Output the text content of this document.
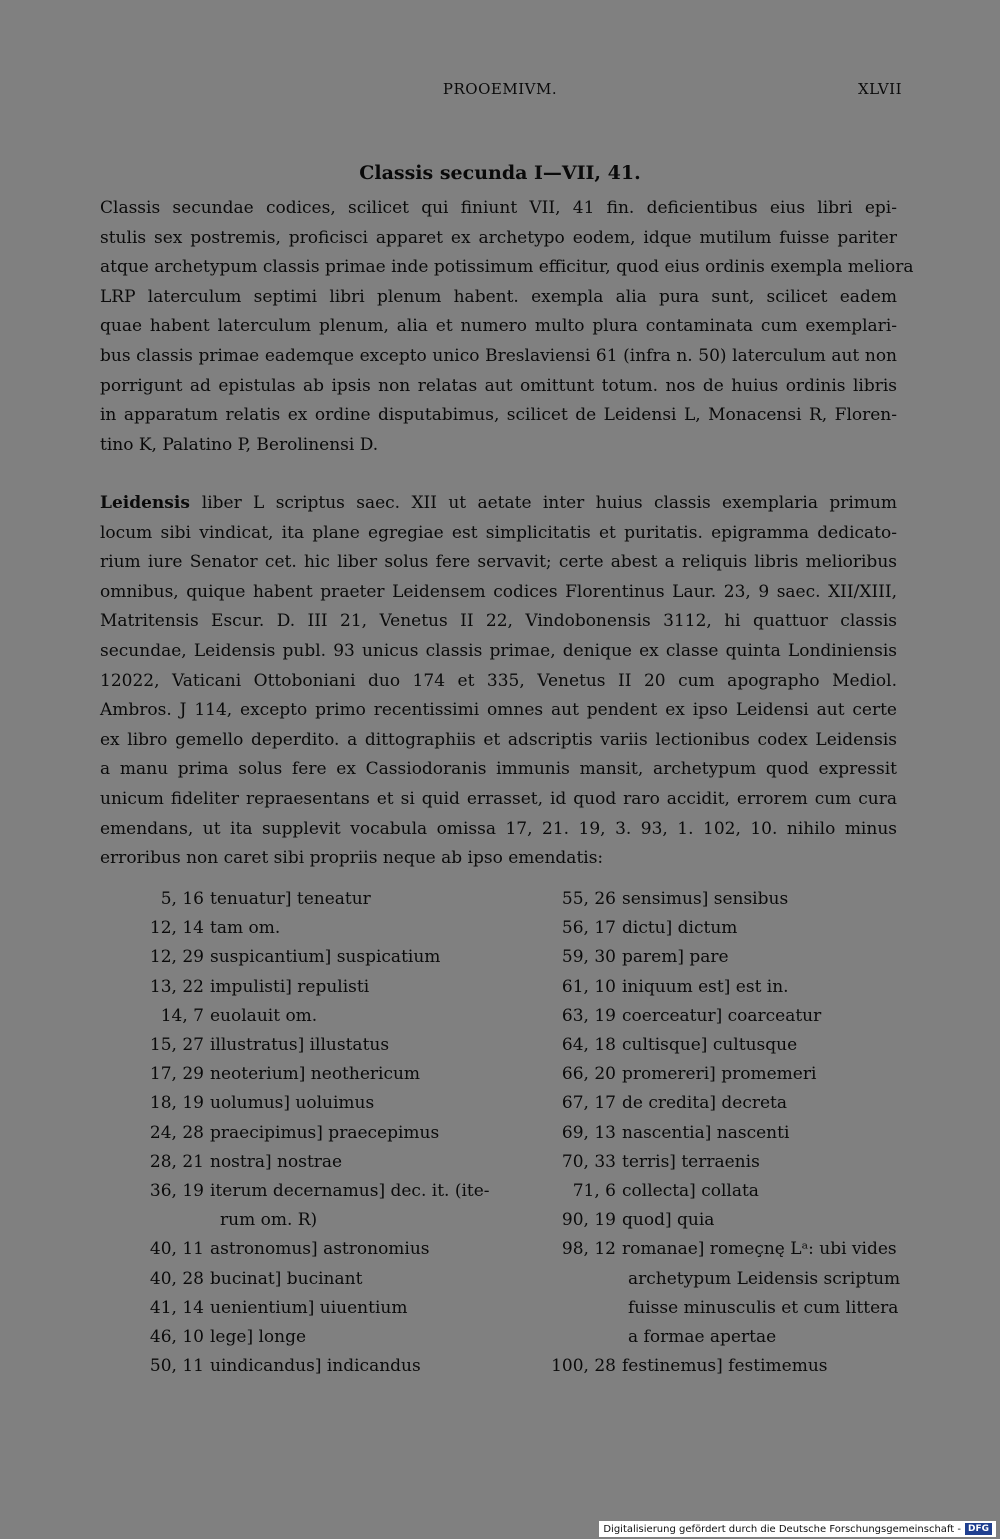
PROOEMIVM.	XLVII
Classis secunda I—VII, 41.
Classis secundae codices, scilicet qui finiunt VII, 41 fin. deficientibus eius libri epi-
stulis sex postremis, proficisci apparet ex archetypo eodem, idque mutilum fuisse pariter
atque archetypum classis primae inde potissimum efficitur, quod eius ordinis exempla meliora
LRP laterculum septimi libri plenum habent. exempla alia pura sunt, scilicet eadem
quae habent laterculum plenum, alia et numero multo plura contaminata cum exemplari-
bus classis primae eademque excepto unico Breslaviensi 61 (infra n. 50) laterculum aut non
porrigunt ad epistulas ab ipsis non relatas aut omittunt totum. nos de huius ordinis libris
in apparatum relatis ex ordine disputabimus, scilicet de Leidensi L, Monacensi R, Floren-
tino K, Palatino P, Berolinensi D.
Leidensis liber L scriptus saec. XII ut aetate inter huius classis exemplaria primum
locum sibi vindicat, ita plane egregiae est simplicitatis et puritatis. epigramma dedicato-
rium iure Senator cet. hic liber solus fere servavit; certe abest a reliquis libris melioribus
omnibus, quique habent praeter Leidensem codices Florentinus Laur. 23, 9 saec. XII/XIII,
Matritensis Escur. D. III 21, Venetus II 22, Vindobonensis 3112, hi quattuor classis
secundae, Leidensis publ. 93 unicus classis primae, denique ex classe quinta Londiniensis
12022, Vaticani Ottoboniani duo 174 et 335, Venetus II 20 cum apographo Mediol.
Ambros. J 114, excepto primo recentissimi omnes aut pendent ex ipso Leidensi aut certe
ex libro gemello deperdito. a dittographiis et adscriptis variis lectionibus codex Leidensis
a manu prima solus fere ex Cassiodoranis immunis mansit, archetypum quod expressit
unicum fideliter repraesentans et si quid errasset, id quod raro accidit, errorem cum cura
emendans, ut ita supplevit vocabula omissa 17, 21. 19, 3. 93, 1. 102, 10. nihilo minus
erroribus non caret sibi propriis neque ab ipso emendatis:
5, 16 tenuatur] teneatur
12, 14 tam om.
12, 29 suspicantium] suspicatium
13, 22 impulisti] repulisti
14, 7 euolauit om.
15, 27 illustratus] illustatus
17, 29 neoterium] neothericum
18, 19 uolumus] uoluimus
24, 28 praecipimus] praecepimus
28, 21 nostra] nostrae
36, 19 iterum decernamus] dec. it. (ite-
rum om. R)
40, 11 astronomus] astronomius
40, 28 bucinat] bucinant
41, 14 uenientium] uiuentium
46, 10 lege] longe
50, 11 uindicandus] indicandus
55, 26 sensimus] sensibus
56, 17 dictu] dictum
59, 30 parem] pare
61, 10 iniquum est] est in.
63, 19 coerceatur] coarceatur
64, 18 cultisque] cultusque
66, 20 promereri] promemeri
67, 17 de credita] decreta
69, 13 nascentia] nascenti
70, 33 terris] terraenis
71, 6 collecta] collata
90, 19 quod] quia
98, 12 romanae] romeçnę Lᵃ: ubi vides
archetypum Leidensis scriptum
fuisse minusculis et cum littera
a formae apertae
100, 28 festinemus] festimemus
Digitalisierung gefördert durch die Deutsche Forschungsgemeinschaft - DFG
